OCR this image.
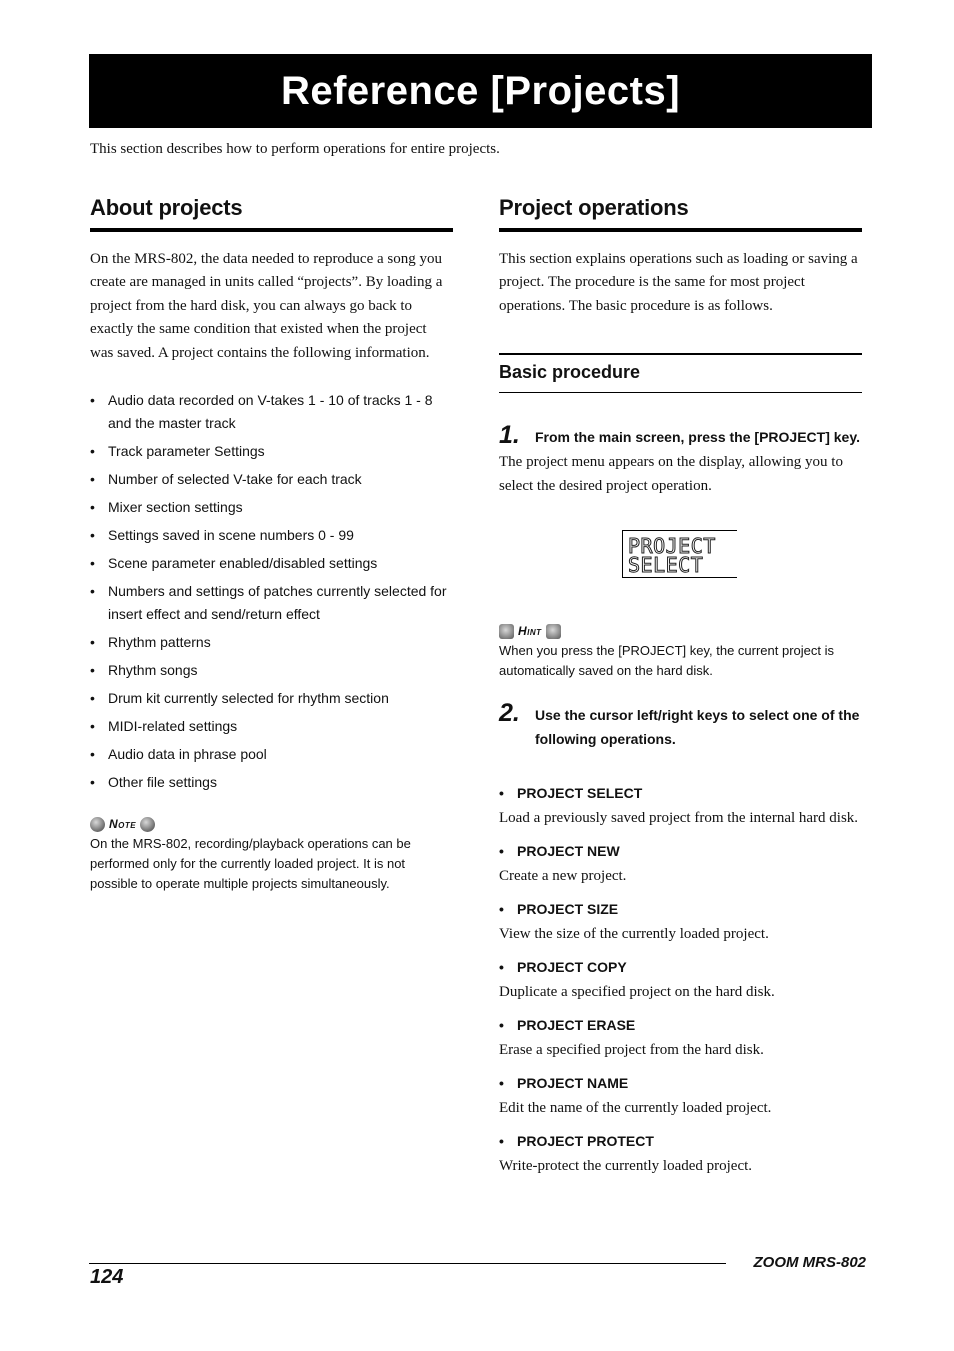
Reference [Projects]
This section describes how to perform operations for entire projects.
About projects

On the MRS-802, the data needed to reproduce a song you create are managed in units called “projects”. By loading a project from the hard disk, you can always go back to exactly the same condition that existed when the project was saved. A project contains the following information.

• Audio data recorded on V-takes 1 - 10 of tracks 1 - 8 and the master track
• Track parameter Settings
• Number of selected V-take for each track
• Mixer section settings
• Settings saved in scene numbers 0 - 99
• Scene parameter enabled/disabled settings
• Numbers and settings of patches currently selected for insert effect and send/return effect
• Rhythm patterns
• Rhythm songs
• Drum kit currently selected for rhythm section
• MIDI-related settings
• Audio data in phrase pool
• Other file settings
Note

On the MRS-802, recording/playback operations can be performed only for the currently loaded project. It is not possible to operate multiple projects simultaneously.

Project operations

This section explains operations such as loading or saving a project. The procedure is the same for most project operations. The basic procedure is as follows.

Basic procedure
1.	From the main screen, press the [PROJECT] key.

The project menu appears on the display, allowing you to select the desired project operation.

PROJECT
SELECT
Hint

When you press the [PROJECT] key, the current project is automatically saved on the hard disk.

2.	Use the cursor left/right keys to select one of the following operations.

• PROJECT SELECT

Load a previously saved project from the internal hard disk.

• PROJECT NEW

Create a new project.

• PROJECT SIZE

View the size of the currently loaded project.

• PROJECT COPY

Duplicate a specified project on the hard disk.

• PROJECT ERASE

Erase a specified project from the hard disk.

• PROJECT NAME

Edit the name of the currently loaded project.

• PROJECT PROTECT

Write-protect the currently loaded project.

124
ZOOM MRS-802
